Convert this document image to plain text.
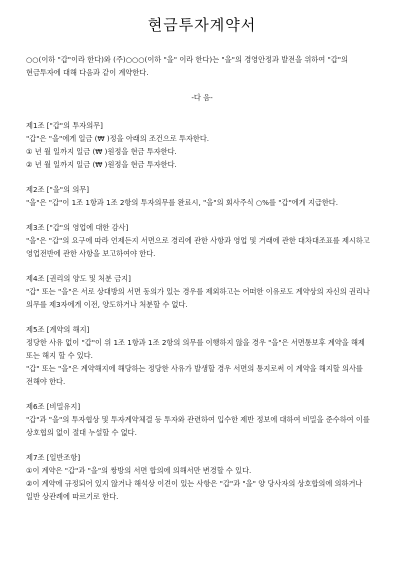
현금투자계약서

○○(이하 "갑"이라 한다)와 (주)○○○(이하 "을" 이라 한다)는 "을"의 경영안정과 발전을 위하여 "갑"의 현금투자에 대해 다음과 같이 계약한다.

-다 음-

제1조 ["갑"의 투자의무]

"갑"은 "을"에게 일금 (₩ )정을 아래의 조건으로 투자한다.

① 년 월 일까지 일금 (₩ )원정을 현금 투자한다.

② 년 월 일까지 일금 (₩ )원정을 현금 투자한다.

제2조 ["을"의 의무]

"을"은 "갑"이 1조 1항과 1조 2항의 투자의무를 완료시, "을"의 회사주식 ○%를 "갑"에게 지급한다.

제3조 ["갑"의 영업에 대한 감사]

"을"은 "갑"의 요구에 따라 언제든지 서면으로 경리에 관한 사항과 영업 및 거래에 관한 대차대조표를 제시하고 영업전반에 관한 사항을 보고하여야 한다.

제4조 [권리의 양도 및 처분 금지]

"갑" 또는 "을"은 서로 상대방의 서면 동의가 있는 경우를 제외하고는 어떠한 이유로도 계약상의 자신의 권리나 의무를 제3자에게 이전, 양도하거나 처분할 수 없다.

제5조 [계약의 해지]

정당한 사유 없이 "갑"이 위 1조 1항과 1조 2항의 의무를 이행하지 않을 경우 "을"은 서면통보후 계약을 해제 또는 해지 할 수 있다.

"갑" 또는 "을"은 계약해지에 해당하는 정당한 사유가 발생할 경우 서면의 통지로써 이 계약을 해지할 의사를 전해야 한다.

제6조 [비밀유지]

"갑"과 "을"의 투자협상 및 투자계약체결 등 투자와 관련하여 입수한 제반 정보에 대하여 비밀을 준수하여 이를 상호협의 없이 절대 누설할 수 없다.

제7조 [일반조항]

①이 계약은 "갑"과 "을"의 쌍방의 서면 합의에 의해서만 변경할 수 있다.

②이 계약에 규정되어 있지 않거나 해석상 이견이 있는 사항은 "갑"과 "을" 양 당사자의 상호합의에 의하거나 일반 상관례에 따르기로 한다.
